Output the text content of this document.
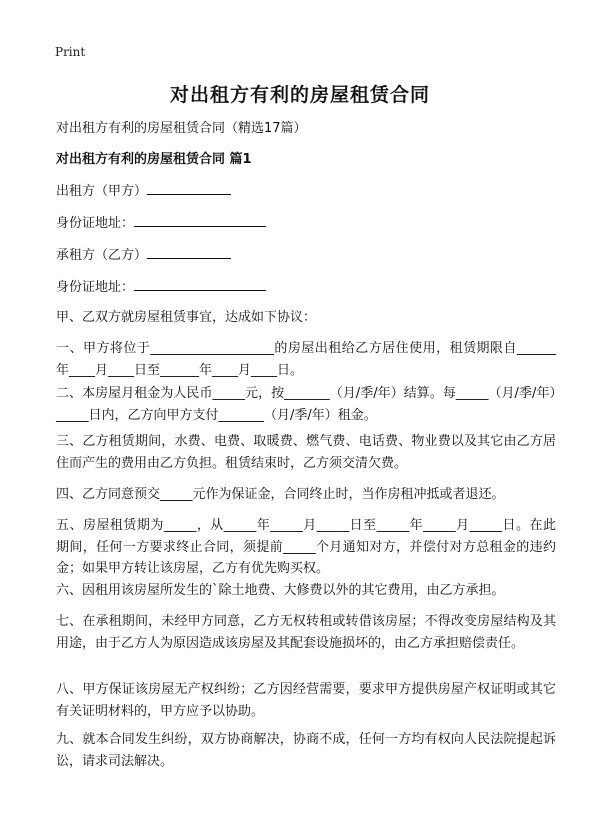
Print
对出租方有利的房屋租赁合同
对出租方有利的房屋租赁合同（精选17篇）
对出租方有利的房屋租赁合同 篇1
出租方（甲方）
身份证地址：
承租方（乙方）
身份证地址：
甲、乙双方就房屋租赁事宜，达成如下协议：
一、甲方将位于___________________的房屋出租给乙方居住使用，租赁期限自______年____月____日至______年____月____日。
二、本房屋月租金为人民币_____元，按_______（月/季/年）结算。每_____（月/季/年）_____日内，乙方向甲方支付_______（月/季/年）租金。
三、乙方租赁期间，水费、电费、取暖费、燃气费、电话费、物业费以及其它由乙方居住而产生的费用由乙方负担。租赁结束时，乙方须交清欠费。
四、乙方同意预交_____元作为保证金，合同终止时，当作房租冲抵或者退还。
五、房屋租赁期为_____，从_____年_____月_____日至_____年_____月_____日。在此期间，任何一方要求终止合同，须提前_____个月通知对方，并偿付对方总租金的违约金；如果甲方转让该房屋，乙方有优先购买权。
六、因租用该房屋所发生的`除土地费、大修费以外的其它费用，由乙方承担。
七、在承租期间，未经甲方同意，乙方无权转租或转借该房屋；不得改变房屋结构及其用途，由于乙方人为原因造成该房屋及其配套设施损坏的，由乙方承担赔偿责任。
八、甲方保证该房屋无产权纠纷；乙方因经营需要，要求甲方提供房屋产权证明或其它有关证明材料的，甲方应予以协助。
九、就本合同发生纠纷，双方协商解决，协商不成，任何一方均有权向人民法院提起诉讼，请求司法解决。
